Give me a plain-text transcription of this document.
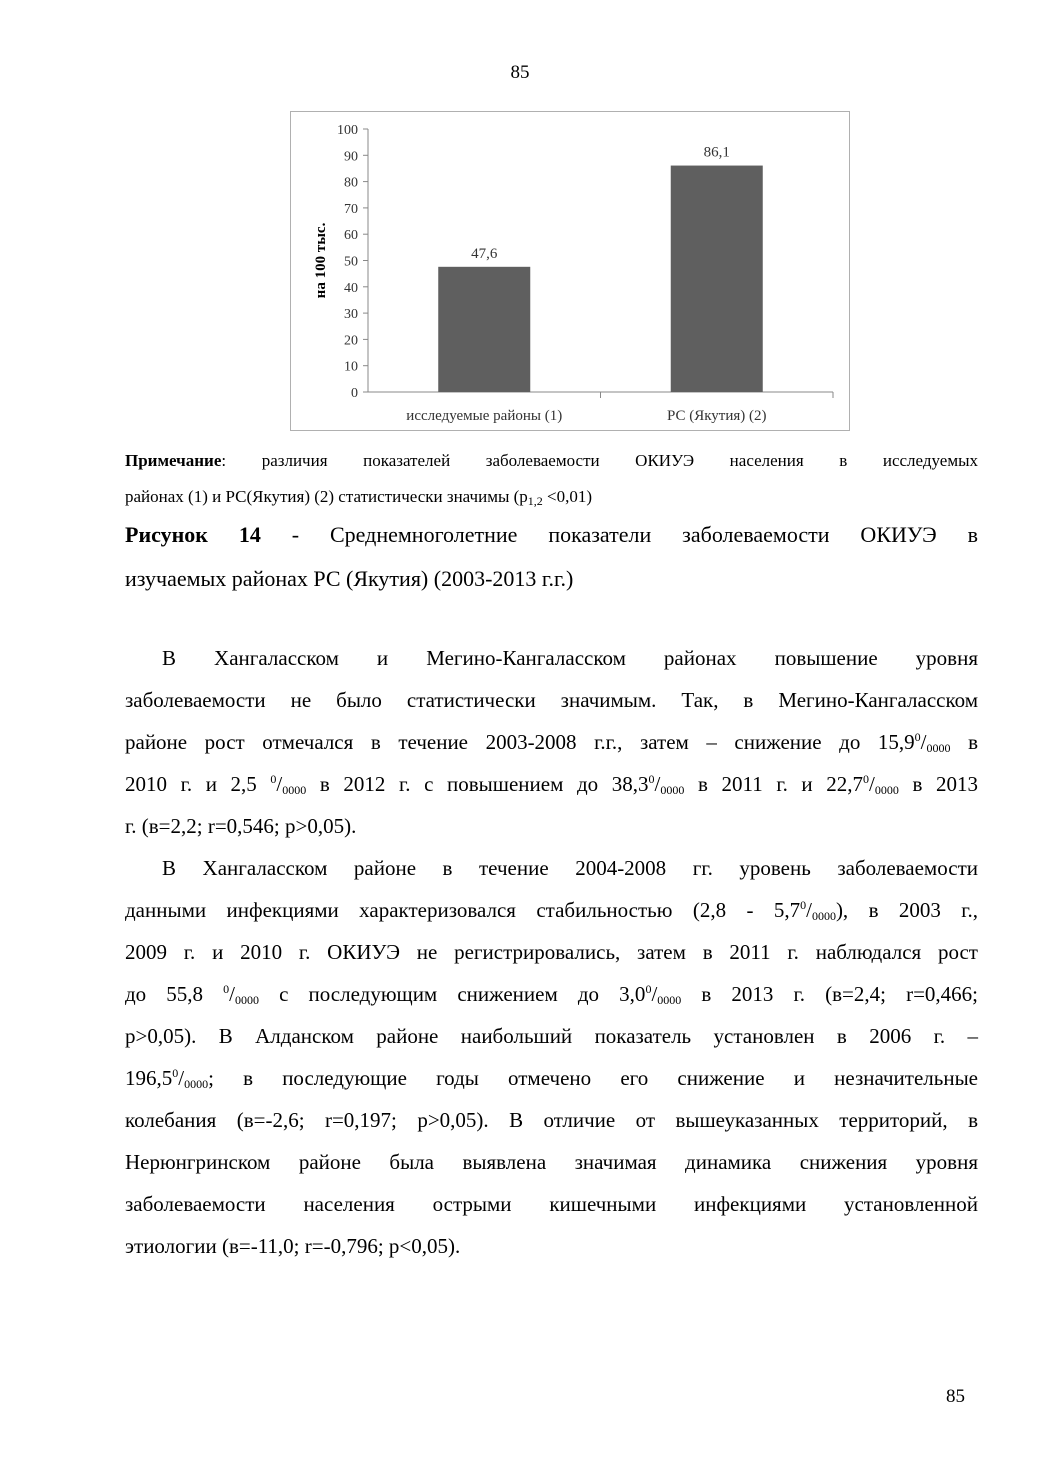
85
0
10
20
30
40
50
60
70
80
90
100
47,6
исследуемые районы (1)
86,1
РС (Якутия) (2)
на 100 тыс.
Примечание: различия показателей заболеваемости ОКИУЭ населения в исследуемых
районах (1) и РС(Якутия) (2) статистически значимы $(р_{1,2} <0,01)$
Рисунок 14 - Среднемноголетние показатели заболеваемости ОКИУЭ в
изучаемых районах РС (Якутия) (2003-2013 г.г.)
В Хангаласском и Мегино-Кангаласском районах повышение уровня
заболеваемости не было статистически значимым. Так, в Мегино-Кангаласском
районе рост отмечался в течение 2003-2008 г.г., затем – снижение до $15,9^0/_{0000}$ в
2010 г. и 2,5 $^0/_{0000}$ в 2012 г. с повышением до $38,3^0/_{0000}$ в 2011 г. и $22,7^0/_{0000}$ в 2013
г. (в=2,2; r=0,546; p>0,05).
В Хангаласском районе в течение 2004-2008 гг. уровень заболеваемости
данными инфекциями характеризовался стабильностью $(2,8 - 5,7^0/_{0000})$, в 2003 г.,
2009 г. и 2010 г. ОКИУЭ не регистрировались, затем в 2011 г. наблюдался рост
до 55,8 $^0/_{0000}$ с последующим снижением до $3,0^0/_{0000}$ в 2013 г. (в=2,4; r=0,466;
p>0,05). В Алданском районе наибольший показатель установлен в 2006 г. –
$196,5^0/_{0000}$; в последующие годы отмечено его снижение и незначительные
колебания (в=-2,6; r=0,197; p>0,05). В отличие от вышеуказанных территорий, в
Нерюнгринском районе была выявлена значимая динамика снижения уровня
заболеваемости населения острыми кишечными инфекциями установленной
этиологии (в=-11,0; r=-0,796; p<0,05).
85
